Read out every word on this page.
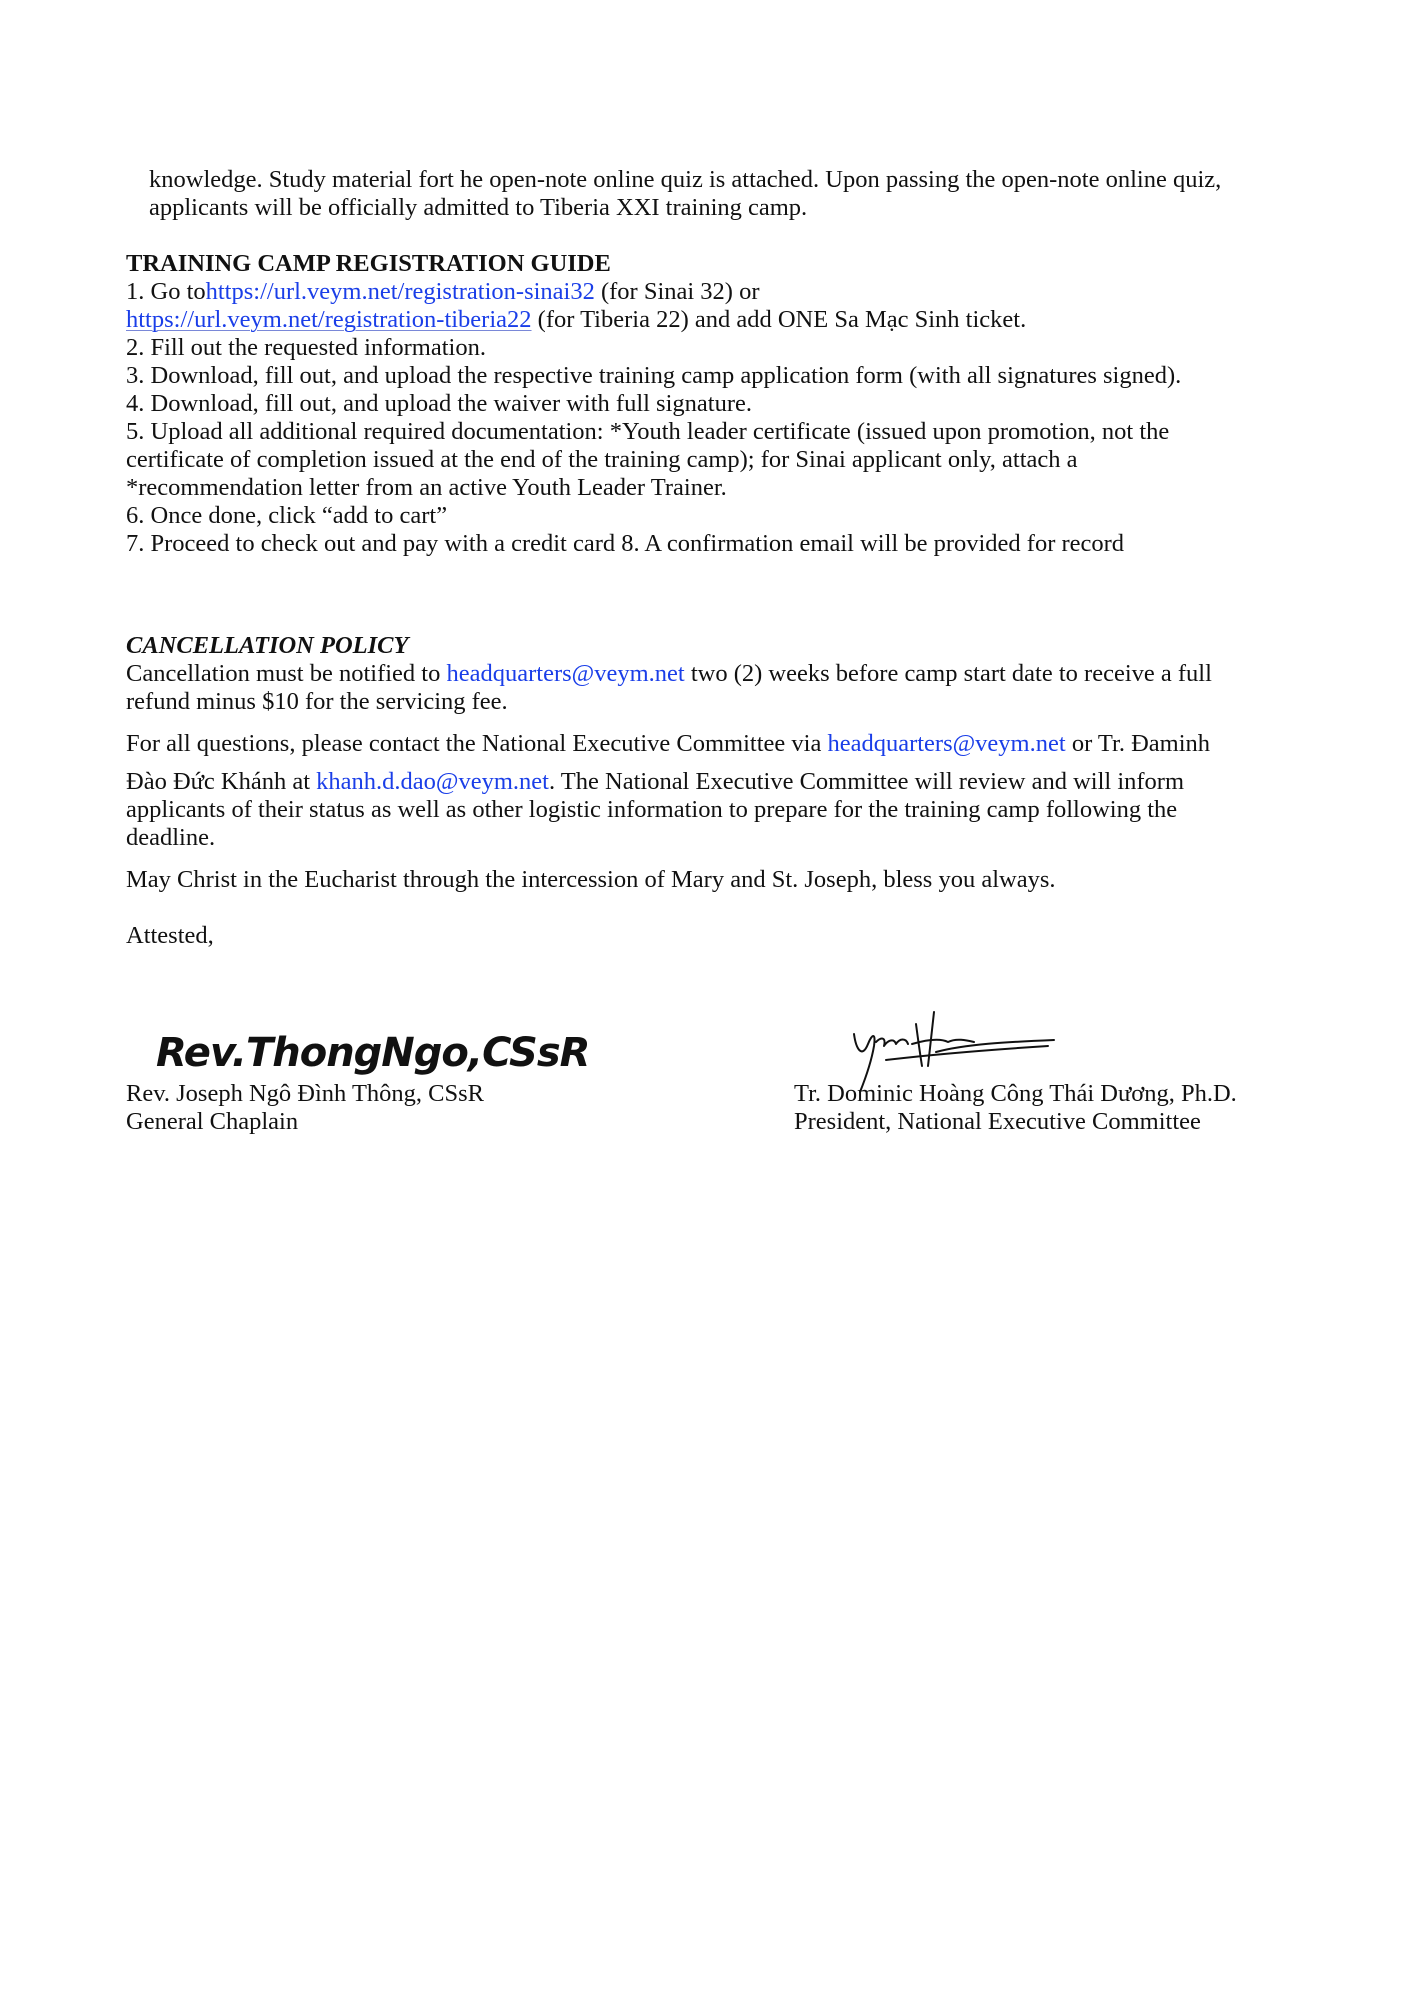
knowledge. Study material fort he open-note online quiz is attached. Upon passing the open-note online quiz,

applicants will be officially admitted to Tiberia XXI training camp.

TRAINING CAMP REGISTRATION GUIDE

1. Go tohttps://url.veym.net/registration-sinai32 (for Sinai 32) or

https://url.veym.net/registration-tiberia22 (for Tiberia 22) and add ONE Sa Mạc Sinh ticket.

2. Fill out the requested information.

3. Download, fill out, and upload the respective training camp application form (with all signatures signed).

4. Download, fill out, and upload the waiver with full signature.

5. Upload all additional required documentation: *Youth leader certificate (issued upon promotion, not the

certificate of completion issued at the end of the training camp); for Sinai applicant only, attach a

*recommendation letter from an active Youth Leader Trainer.

6. Once done, click “add to cart”

7. Proceed to check out and pay with a credit card 8. A confirmation email will be provided for record

CANCELLATION POLICY

Cancellation must be notified to headquarters@veym.net two (2) weeks before camp start date to receive a full

refund minus $10 for the servicing fee.

For all questions, please contact the National Executive Committee via headquarters@veym.net or Tr. Đaminh

Đào Đức Khánh at khanh.d.dao@veym.net. The National Executive Committee will review and will inform

applicants of their status as well as other logistic information to prepare for the training camp following the

deadline.

May Christ in the Eucharist through the intercession of Mary and St. Joseph, bless you always.

Attested,

Rev.ThongNgo,CSsR

Rev. Joseph Ngô Đình Thông, CSsR

General Chaplain

Tr. Dominic Hoàng Công Thái Dương, Ph.D.

President, National Executive Committee
